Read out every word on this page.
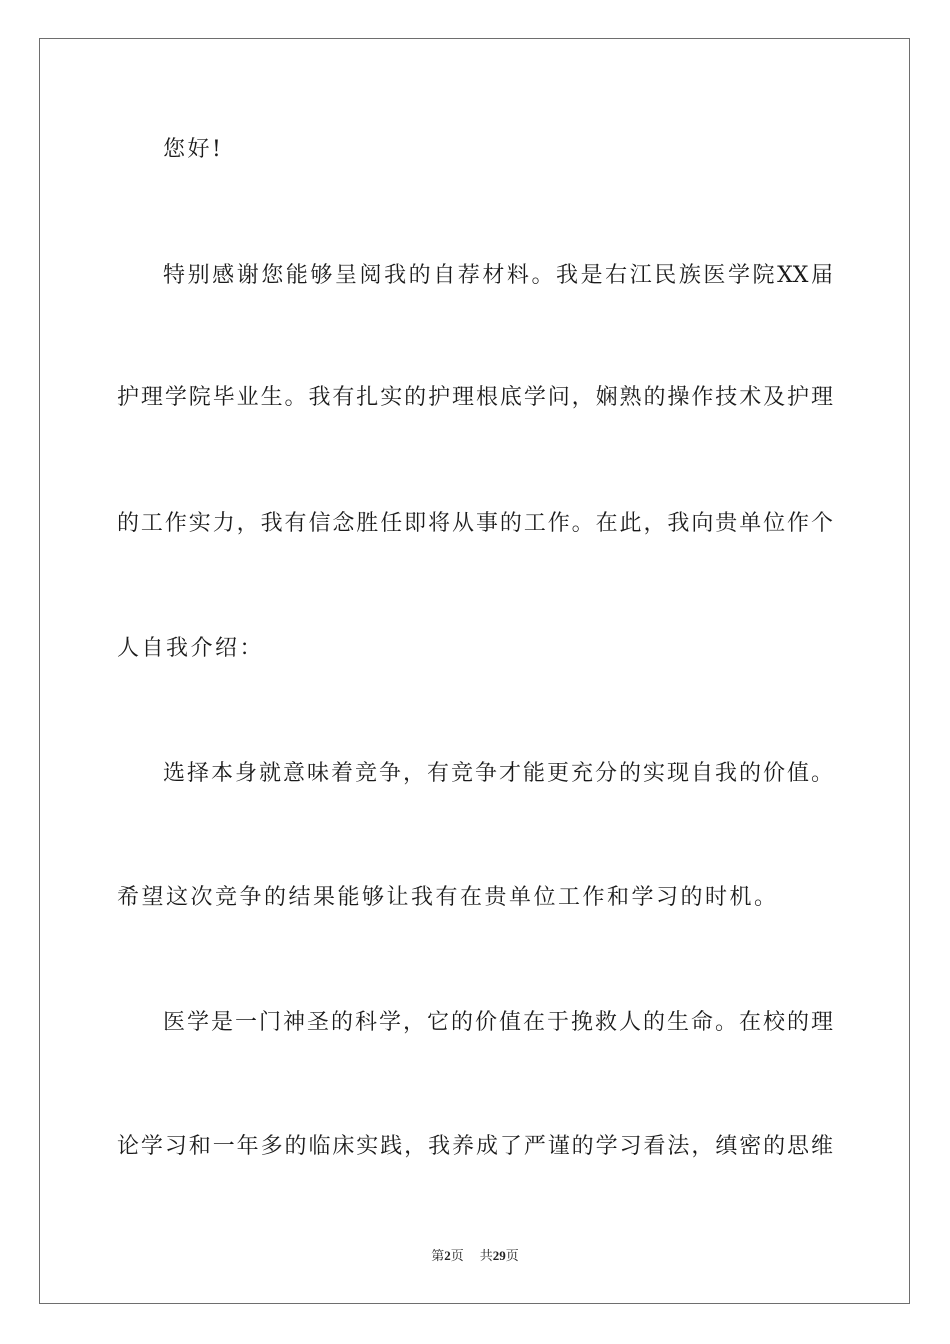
您好!
特别感谢您能够呈阅我的自荐材料。我是右江民族医学院XX届
护理学院毕业生。我有扎实的护理根底学问，娴熟的操作技术及护理
的工作实力，我有信念胜任即将从事的工作。在此，我向贵单位作个
人自我介绍：
选择本身就意味着竞争，有竞争才能更充分的实现自我的价值。
希望这次竞争的结果能够让我有在贵单位工作和学习的时机。
医学是一门神圣的科学，它的价值在于挽救人的生命。在校的理
论学习和一年多的临床实践，我养成了严谨的学习看法，缜密的思维
第2页 共29页
